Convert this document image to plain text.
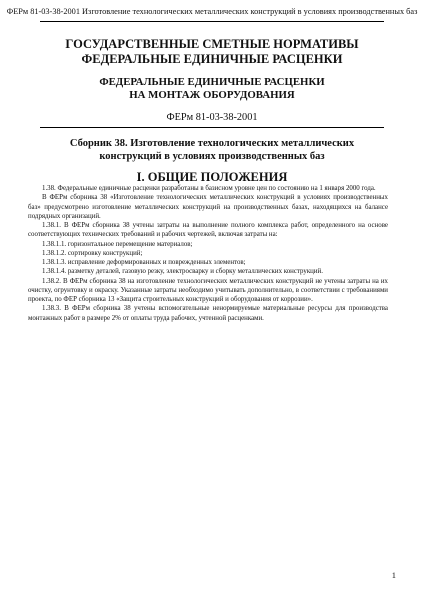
ФЕРм 81-03-38-2001 Изготовление технологических металлических конструкций в условиях производственных баз
ГОСУДАРСТВЕННЫЕ СМЕТНЫЕ НОРМАТИВЫ
ФЕДЕРАЛЬНЫЕ ЕДИНИЧНЫЕ РАСЦЕНКИ
ФЕДЕРАЛЬНЫЕ ЕДИНИЧНЫЕ РАСЦЕНКИ
НА МОНТАЖ ОБОРУДОВАНИЯ
ФЕРм 81-03-38-2001
Сборник 38. Изготовление технологических металлических конструкций в условиях производственных баз
I. ОБЩИЕ ПОЛОЖЕНИЯ

1.38. Федеральные единичные расценки разработаны в базисном уровне цен по состоянию на 1 января 2000 года.

В ФЕРм сборника 38 «Изготовление технологических металлических конструкций в условиях производственных баз» предусмотрено изготовление металлических конструкций на производственных базах, находящихся на балансе подрядных организаций.

1.38.1. В ФЕРм сборника 38 учтены затраты на выполнение полного комплекса работ, определенного на основе соответствующих технических требований и рабочих чертежей, включая затраты на:

1.38.1.1. горизонтальное перемещение материалов;

1.38.1.2. сортировку конструкций;

1.38.1.3. исправление деформированных и поврежденных элементов;

1.38.1.4. разметку деталей, газовую резку, электросварку и сборку металлических конструкций.

1.38.2. В ФЕРм сборника 38 на изготовление технологических металлических конструкций не учтены затраты на их очистку, огрунтовку и окраску. Указанные затраты необходимо учитывать дополнительно, в соответствии с требованиями проекта, по ФЕР сборника 13 «Защита строительных конструкций и оборудования от коррозии».

1.38.3. В ФЕРм сборника 38 учтены вспомогательные ненормируемые материальные ресурсы для производства монтажных работ в размере 2% от оплаты труда рабочих, учтенной расценками.

1
